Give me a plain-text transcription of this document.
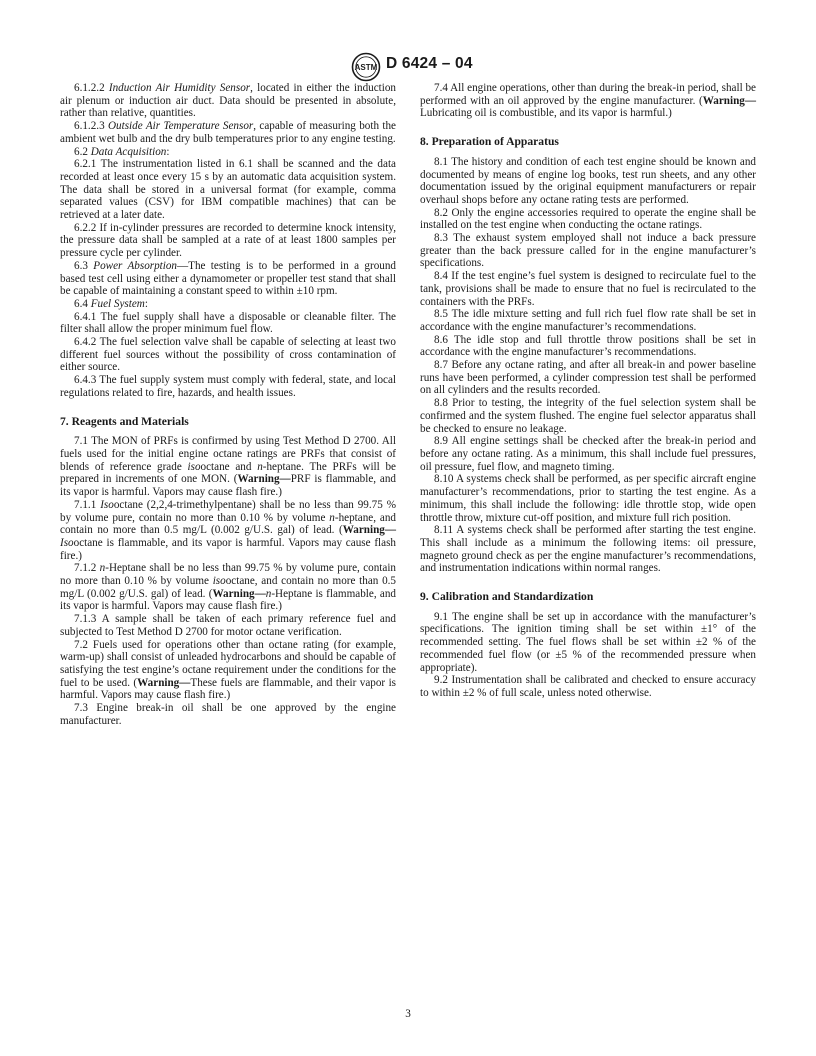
ASTM D 6424 – 04

6.1.2.2 Induction Air Humidity Sensor, located in either the induction air plenum or induction air duct. Data should be presented in absolute, rather than relative, quantities.

6.1.2.3 Outside Air Temperature Sensor, capable of measuring both the ambient wet bulb and the dry bulb temperatures prior to any engine testing.

6.2 Data Acquisition:

6.2.1 The instrumentation listed in 6.1 shall be scanned and the data recorded at least once every 15 s by an automatic data acquisition system. The data shall be stored in a universal format (for example, comma separated values (CSV) for IBM compatible machines) that can be retrieved at a later date.

6.2.2 If in-cylinder pressures are recorded to determine knock intensity, the pressure data shall be sampled at a rate of at least 1800 samples per pressure cycle per cylinder.

6.3 Power Absorption—The testing is to be performed in a ground based test cell using either a dynamometer or propeller test stand that shall be capable of maintaining a constant speed to within ±10 rpm.

6.4 Fuel System:

6.4.1 The fuel supply shall have a disposable or cleanable filter. The filter shall allow the proper minimum fuel flow.

6.4.2 The fuel selection valve shall be capable of selecting at least two different fuel sources without the possibility of cross contamination of either source.

6.4.3 The fuel supply system must comply with federal, state, and local regulations related to fire, hazards, and health issues.

7. Reagents and Materials

7.1 The MON of PRFs is confirmed by using Test Method D 2700. All fuels used for the initial engine octane ratings are PRFs that consist of blends of reference grade isooctane and n-heptane. The PRFs will be prepared in increments of one MON. (Warning—PRF is flammable, and its vapor is harmful. Vapors may cause flash fire.)

7.1.1 Isooctane (2,2,4-trimethylpentane) shall be no less than 99.75 % by volume pure, contain no more than 0.10 % by volume n-heptane, and contain no more than 0.5 mg/L (0.002 g/U.S. gal) of lead. (Warning—Isooctane is flammable, and its vapor is harmful. Vapors may cause flash fire.)

7.1.2 n-Heptane shall be no less than 99.75 % by volume pure, contain no more than 0.10 % by volume isooctane, and contain no more than 0.5 mg/L (0.002 g/U.S. gal) of lead. (Warning—n-Heptane is flammable, and its vapor is harmful. Vapors may cause flash fire.)

7.1.3 A sample shall be taken of each primary reference fuel and subjected to Test Method D 2700 for motor octane verification.

7.2 Fuels used for operations other than octane rating (for example, warm-up) shall consist of unleaded hydrocarbons and should be capable of satisfying the test engine’s octane requirement under the conditions for the fuel to be used. (Warning—These fuels are flammable, and their vapor is harmful. Vapors may cause flash fire.)

7.3 Engine break-in oil shall be one approved by the engine manufacturer.

7.4 All engine operations, other than during the break-in period, shall be performed with an oil approved by the engine manufacturer. (Warning—Lubricating oil is combustible, and its vapor is harmful.)

8. Preparation of Apparatus

8.1 The history and condition of each test engine should be known and documented by means of engine log books, test run sheets, and any other documentation issued by the original equipment manufacturers or repair overhaul shops before any octane rating tests are performed.

8.2 Only the engine accessories required to operate the engine shall be installed on the test engine when conducting the octane ratings.

8.3 The exhaust system employed shall not induce a back pressure greater than the back pressure called for in the engine manufacturer’s specifications.

8.4 If the test engine’s fuel system is designed to recirculate fuel to the tank, provisions shall be made to ensure that no fuel is recirculated to the containers with the PRFs.

8.5 The idle mixture setting and full rich fuel flow rate shall be set in accordance with the engine manufacturer’s recommendations.

8.6 The idle stop and full throttle throw positions shall be set in accordance with the engine manufacturer’s recommendations.

8.7 Before any octane rating, and after all break-in and power baseline runs have been performed, a cylinder compression test shall be performed on all cylinders and the results recorded.

8.8 Prior to testing, the integrity of the fuel selection system shall be confirmed and the system flushed. The engine fuel selector apparatus shall be checked to ensure no leakage.

8.9 All engine settings shall be checked after the break-in period and before any octane rating. As a minimum, this shall include fuel pressures, oil pressure, fuel flow, and magneto timing.

8.10 A systems check shall be performed, as per specific aircraft engine manufacturer’s recommendations, prior to starting the test engine. As a minimum, this shall include the following: idle throttle stop, wide open throttle throw, mixture cut-off position, and mixture full rich position.

8.11 A systems check shall be performed after starting the test engine. This shall include as a minimum the following items: oil pressure, magneto ground check as per the engine manufacturer’s recommendations, and instrumentation indications within normal ranges.

9. Calibration and Standardization

9.1 The engine shall be set up in accordance with the manufacturer’s specifications. The ignition timing shall be set within ±1° of the recommended setting. The fuel flows shall be set within ±2 % of the recommended fuel flow (or ±5 % of the recommended pressure when appropriate).

9.2 Instrumentation shall be calibrated and checked to ensure accuracy to within ±2 % of full scale, unless noted otherwise.

3
